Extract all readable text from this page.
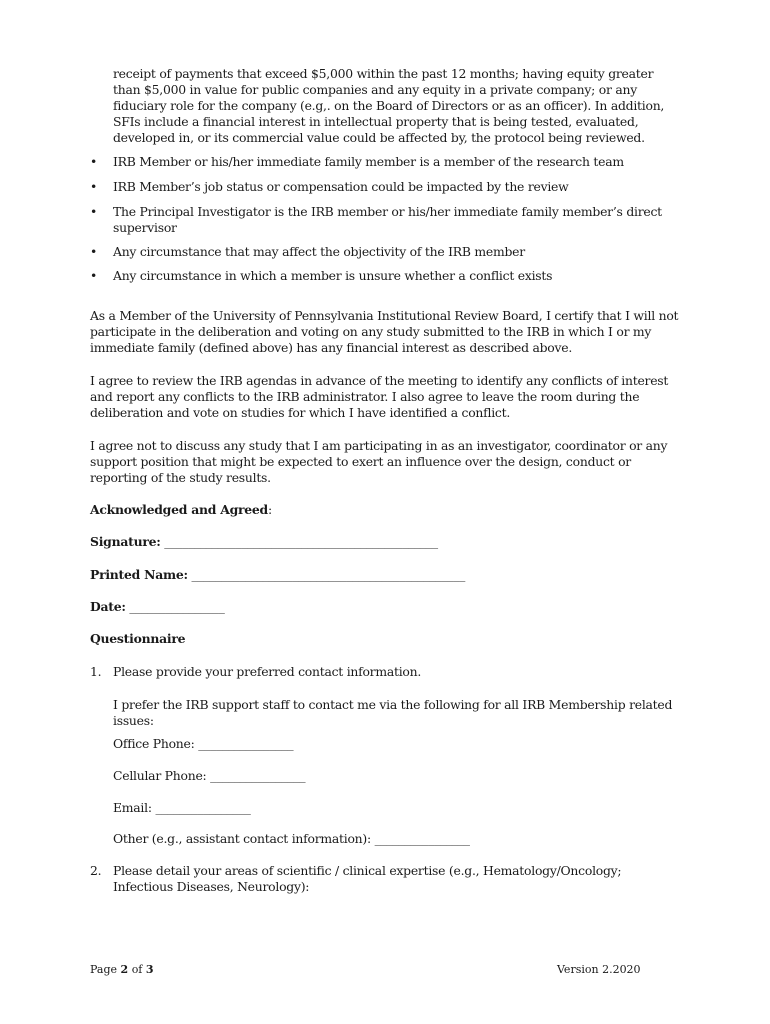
receipt of payments that exceed $5,000 within the past 12 months; having equity greater than $5,000 in value for public companies and any equity in a private company; or any fiduciary role for the company (e.g,. on the Board of Directors or as an officer). In addition, SFIs include a financial interest in intellectual property that is being tested, evaluated, developed in, or its commercial value could be affected by, the protocol being reviewed.
•	IRB Member or his/her immediate family member is a member of the research team
•	IRB Member’s job status or compensation could be impacted by the review
•	The Principal Investigator is the IRB member or his/her immediate family member’s direct supervisor
•	Any circumstance that may affect the objectivity of the IRB member
•	Any circumstance in which a member is unsure whether a conflict exists

As a Member of the University of Pennsylvania Institutional Review Board, I certify that I will not participate in the deliberation and voting on any study submitted to the IRB in which I or my immediate family (defined above) has any financial interest as described above.

I agree to review the IRB agendas in advance of the meeting to identify any conflicts of interest and report any conflicts to the IRB administrator. I also agree to leave the room during the deliberation and vote on studies for which I have identified a conflict.

I agree not to discuss any study that I am participating in as an investigator, coordinator or any support position that might be expected to exert an influence over the design, conduct or reporting of the study results.

Acknowledged and Agreed:
Signature: ______________________________________________
Printed Name: ______________________________________________
Date: ________________
Questionnaire
1. Please provide your preferred contact information.
I prefer the IRB support staff to contact me via the following for all IRB Membership related issues:
Office Phone: ________________
Cellular Phone: ________________
Email: ________________
Other (e.g., assistant contact information): ________________
2. Please detail your areas of scientific / clinical expertise (e.g., Hematology/Oncology; Infectious Diseases, Neurology):
Page 2 of 3	Version 2.2020
